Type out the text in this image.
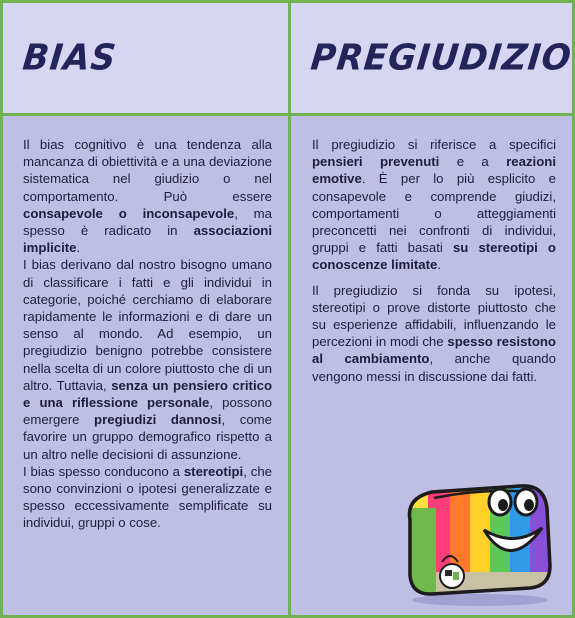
BIAS	PREGIUDIZIO

Il bias cognitivo è una tendenza alla mancanza di obiettività e a una deviazione sistematica nel giudizio o nel comportamento. Può essere consapevole o inconsapevole, ma spesso è radicato in associazioni implicite.

I bias derivano dal nostro bisogno umano di classificare i fatti e gli individui in categorie, poiché cerchiamo di elaborare rapidamente le informazioni e di dare un senso al mondo. Ad esempio, un pregiudizio benigno potrebbe consistere nella scelta di un colore piuttosto che di un altro. Tuttavia, senza un pensiero critico e una riflessione personale, possono emergere pregiudizi dannosi, come favorire un gruppo demografico rispetto a un altro nelle decisioni di assunzione.

I bias spesso conducono a stereotipi, che sono convinzioni o ipotesi generalizzate e spesso eccessivamente semplificate su individui, gruppi o cose.

Il pregiudizio si riferisce a specifici pensieri prevenuti e a reazioni emotive. È per lo più esplicito e consapevole e comprende giudizi, comportamenti o atteggiamenti preconcetti nei confronti di individui, gruppi e fatti basati su stereotipi o conoscenze limitate.

Il pregiudizio si fonda su ipotesi, stereotipi o prove distorte piuttosto che su esperienze affidabili, influenzando le percezioni in modi che spesso resistono al cambiamento, anche quando vengono messi in discussione dai fatti.
